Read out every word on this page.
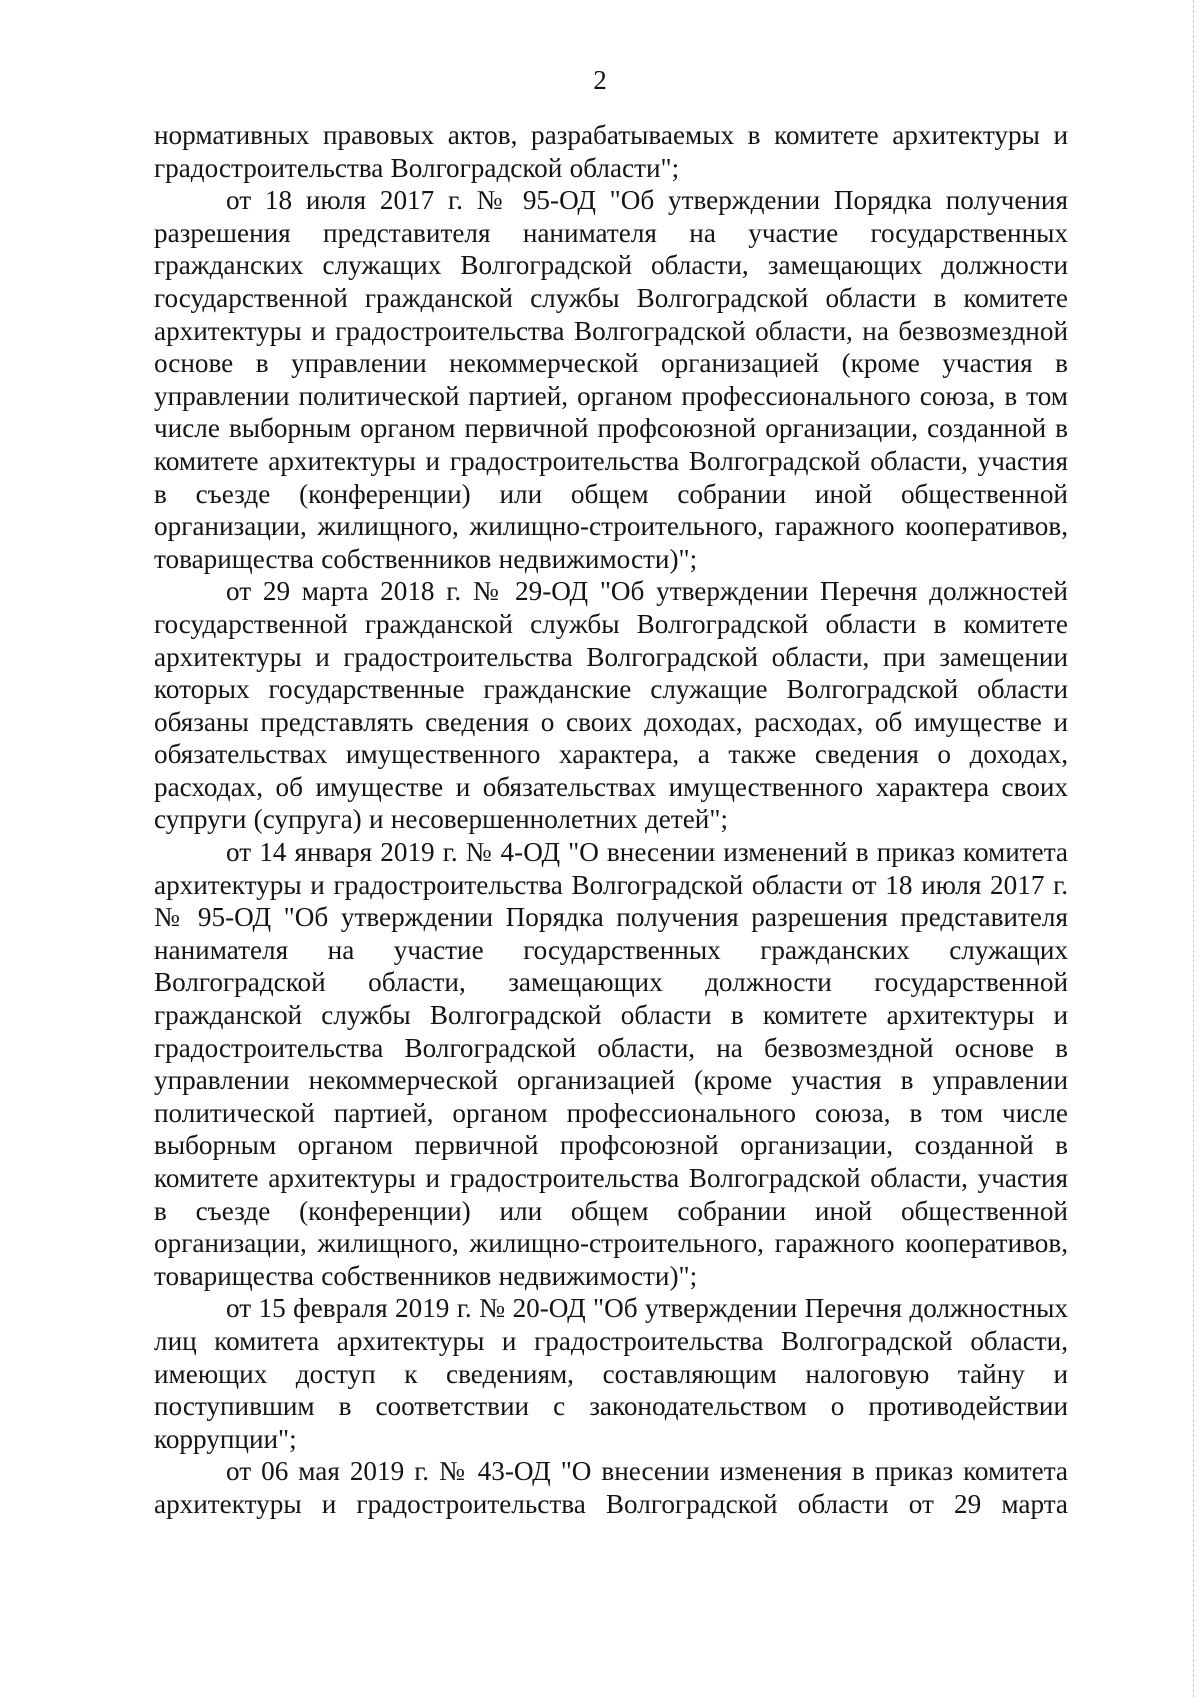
2

нормативных правовых актов, разрабатываемых в комитете архитектуры и градостроительства Волгоградской области";

от 18 июля 2017 г. № 95-ОД "Об утверждении Порядка получения разрешения представителя нанимателя на участие государственных гражданских служащих Волгоградской области, замещающих должности государственной гражданской службы Волгоградской области в комитете архитектуры и градостроительства Волгоградской области, на безвозмездной основе в управлении некоммерческой организацией (кроме участия в управлении политической партией, органом профессионального союза, в том числе выборным органом первичной профсоюзной организации, созданной в комитете архитектуры и градостроительства Волгоградской области, участия в съезде (конференции) или общем собрании иной общественной организации, жилищного, жилищно-строительного, гаражного кооперативов, товарищества собственников недвижимости)";

от 29 марта 2018 г. № 29-ОД "Об утверждении Перечня должностей государственной гражданской службы Волгоградской области в комитете архитектуры и градостроительства Волгоградской области, при замещении которых государственные гражданские служащие Волгоградской области обязаны представлять сведения о своих доходах, расходах, об имуществе и обязательствах имущественного характера, а также сведения о доходах, расходах, об имуществе и обязательствах имущественного характера своих супруги (супруга) и несовершеннолетних детей";

от 14 января 2019 г. № 4-ОД "О внесении изменений в приказ комитета архитектуры и градостроительства Волгоградской области от 18 июля 2017 г. № 95-ОД "Об утверждении Порядка получения разрешения представителя нанимателя на участие государственных гражданских служащих Волгоградской области, замещающих должности государственной гражданской службы Волгоградской области в комитете архитектуры и градостроительства Волгоградской области, на безвозмездной основе в управлении некоммерческой организацией (кроме участия в управлении политической партией, органом профессионального союза, в том числе выборным органом первичной профсоюзной организации, созданной в комитете архитектуры и градостроительства Волгоградской области, участия в съезде (конференции) или общем собрании иной общественной организации, жилищного, жилищно-строительного, гаражного кооперативов, товарищества собственников недвижимости)";

от 15 февраля 2019 г. № 20-ОД "Об утверждении Перечня должностных лиц комитета архитектуры и градостроительства Волгоградской области, имеющих доступ к сведениям, составляющим налоговую тайну и поступившим в соответствии с законодательством о противодействии коррупции";

от 06 мая 2019 г. № 43-ОД "О внесении изменения в приказ комитета архитектуры и градостроительства Волгоградской области от 29 марта
